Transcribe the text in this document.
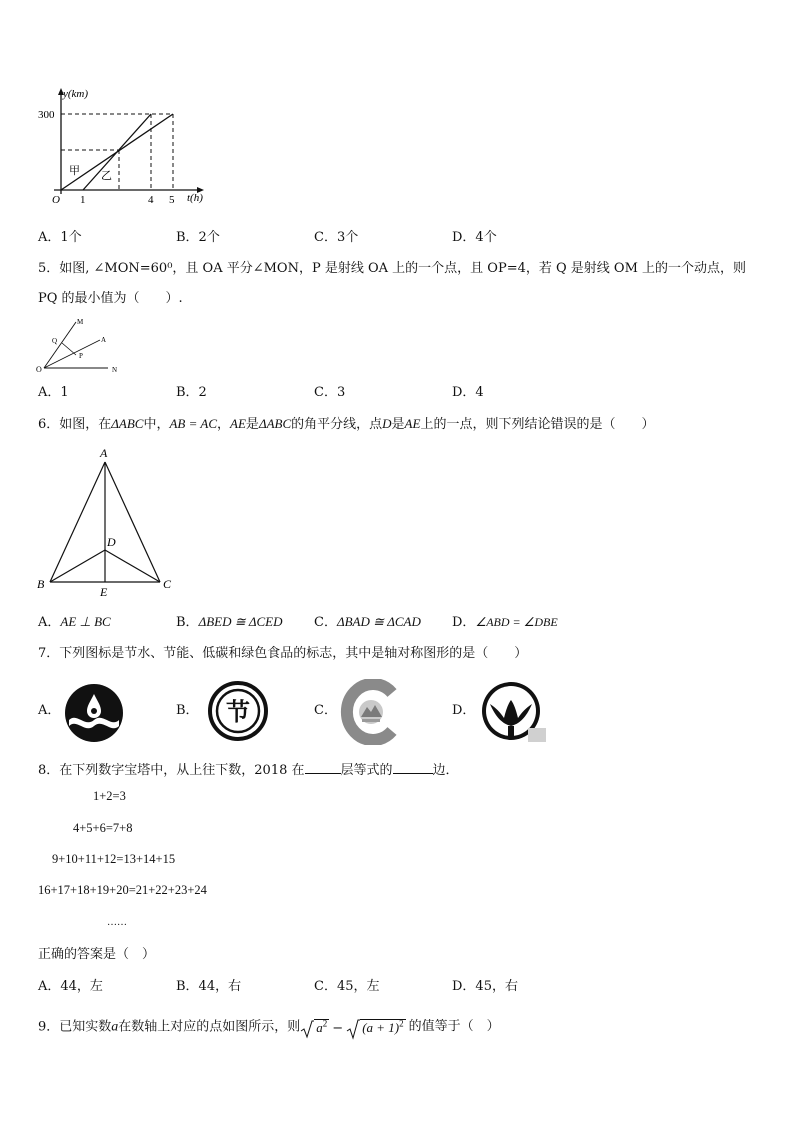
y(km)
300
O 1	4 5 t(h)
甲 乙
A．1个	B．2个	C．3个	D．4个
5．如图, ∠MON=60⁰，且 OA 平分∠MON，P 是射线 OA 上的一个点，且 OP=4，若 Q 是射线 OM 上的一个动点，则
PQ 的最小值为（　　）.
M
Q	A
P
O	N
A．1	B．2	C．3	D．4
6．如图，在ΔABC中，AB = AC，AE是ΔABC的角平分线，点D是AE上的一点，则下列结论错误的是（　　）
A
D
B	C
E
A．AE ⊥ BC	B．ΔBED ≅ ΔCED C．ΔBAD ≅ ΔCAD D．∠ABD = ∠DBE
7．下列图标是节水、节能、低碳和绿色食品的标志，其中是轴对称图形的是（　　）
A．	B． 节	C．	D．
8．在下列数字宝塔中，从上往下数，2018 在	层等式的	边．
1+2=3
4+5+6=7+8
9+10+11+12=13+14+15
16+17+18+19+20=21+22+23+24
……
正确的答案是（　）
A．44，左	B．44，右	C．45，左	D．45，右
9．已知实数a在数轴上对应的点如图所示，则 $a^2 - (a + 1)^2$ 的值等于（　）
